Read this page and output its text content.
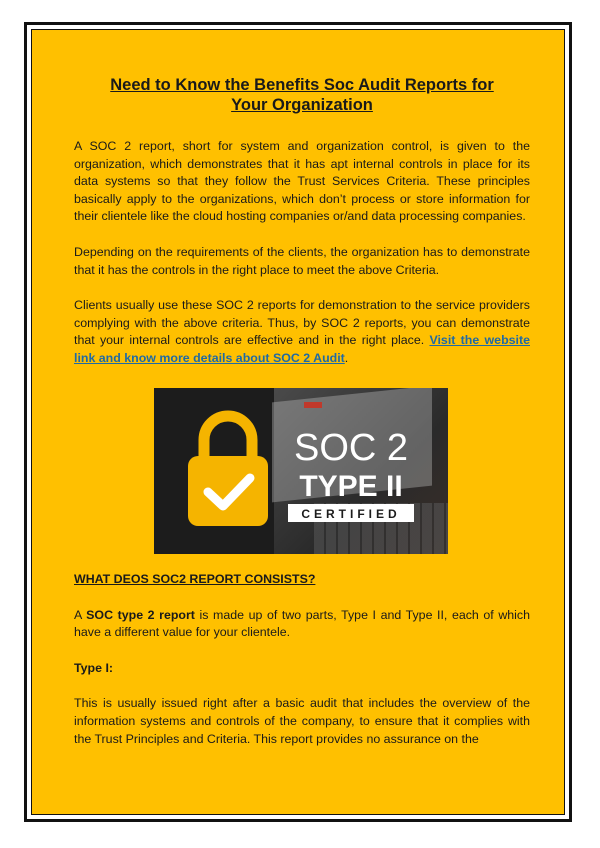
Need to Know the Benefits Soc Audit Reports for
Your Organization

A SOC 2 report, short for system and organization control, is given to the organization, which demonstrates that it has apt internal controls in place for its data systems so that they follow the Trust Services Criteria. These principles basically apply to the organizations, which don’t process or store information for their clientele like the cloud hosting companies or/and data processing companies.

Depending on the requirements of the clients, the organization has to demonstrate that it has the controls in the right place to meet the above Criteria.

Clients usually use these SOC 2 reports for demonstration to the service providers complying with the above criteria. Thus, by SOC 2 reports, you can demonstrate that your internal controls are effective and in the right place. Visit the website link and know more details about SOC 2 Audit.

SOC 2
TYPE II
CERTIFIED

WHAT DEOS SOC2 REPORT CONSISTS?

A SOC type 2 report is made up of two parts, Type I and Type II, each of which have a different value for your clientele.

Type I:

This is usually issued right after a basic audit that includes the overview of the information systems and controls of the company, to ensure that it complies with the Trust Principles and Criteria. This report provides no assurance on the
